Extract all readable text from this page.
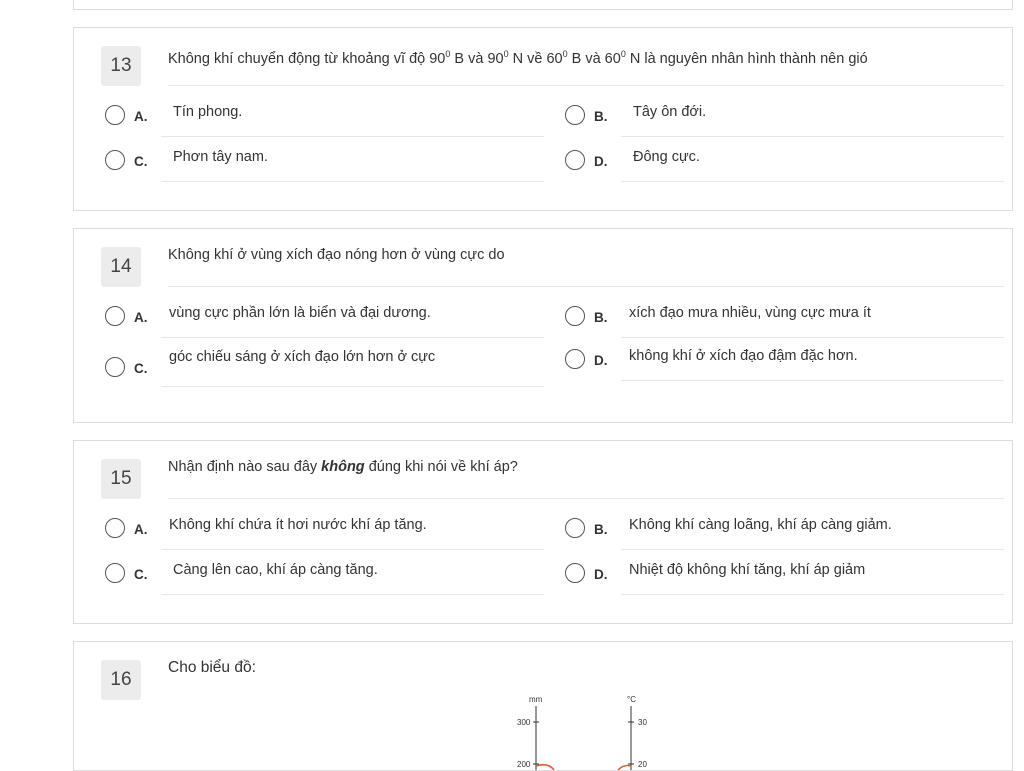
13	Không khí chuyển động từ khoảng vĩ độ $90^0$ B và $90^0$ N về $60^0$ B và $60^0$ N là nguyên nhân hình thành nên gió
A.	Tín phong.	B.	Tây ôn đới.
C.	Phơn tây nam.	D.	Đông cực.
14
Không khí ở vùng xích đạo nóng hơn ở vùng cực do
A.	vùng cực phần lớn là biển và đại dương.	B.	xích đạo mưa nhiều, vùng cực mưa ít
C.
góc chiếu sáng ở xích đạo lớn hơn ở cực	D.	không khí ở xích đạo đậm đặc hơn.
15
Nhận định nào sau đây không đúng khi nói về khí áp?
A.	Không khí chứa ít hơi nước khí áp tăng.	B.	Không khí càng loãng, khí áp càng giảm.
C.	Càng lên cao, khí áp càng tăng.	D.	Nhiệt độ không khí tăng, khí áp giảm
16
Cho biểu đồ:
mm
300
200
°C
30
20
